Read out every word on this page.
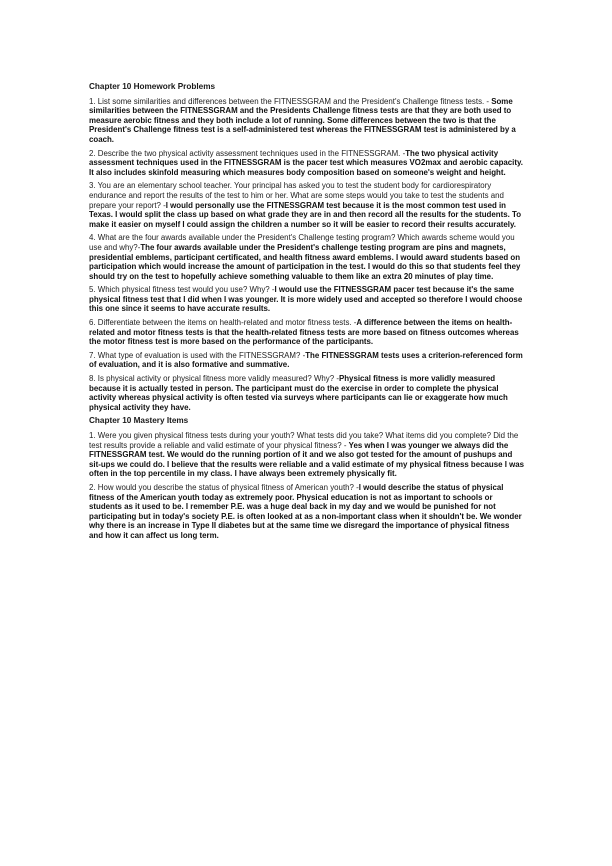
Chapter 10 Homework Problems
1. List some similarities and differences between the FITNESSGRAM and the President's Challenge fitness tests. - Some similarities between the FITNESSGRAM and the Presidents Challenge fitness tests are that they are both used to measure aerobic fitness and they both include a lot of running. Some differences between the two is that the President's Challenge fitness test is a self-administered test whereas the FITNESSGRAM test is administered by a coach.
2. Describe the two physical activity assessment techniques used in the FITNESSGRAM. -The two physical activity assessment techniques used in the FITNESSGRAM is the pacer test which measures VO2max and aerobic capacity. It also includes skinfold measuring which measures body composition based on someone's weight and height.
3. You are an elementary school teacher. Your principal has asked you to test the student body for cardiorespiratory endurance and report the results of the test to him or her. What are some steps would you take to test the students and prepare your report? -I would personally use the FITNESSGRAM test because it is the most common test used in Texas. I would split the class up based on what grade they are in and then record all the results for the students. To make it easier on myself I could assign the children a number so it will be easier to record their results accurately.
4. What are the four awards available under the President's Challenge testing program? Which awards scheme would you use and why?-The four awards available under the President's challenge testing program are pins and magnets, presidential emblems, participant certificated, and health fitness award emblems. I would award students based on participation which would increase the amount of participation in the test. I would do this so that students feel they should try on the test to hopefully achieve something valuable to them like an extra 20 minutes of play time.
5. Which physical fitness test would you use? Why? -I would use the FITNESSGRAM pacer test because it's the same physical fitness test that I did when I was younger. It is more widely used and accepted so therefore I would choose this one since it seems to have accurate results.
6. Differentiate between the items on health-related and motor fitness tests. -A difference between the items on health-related and motor fitness tests is that the health-related fitness tests are more based on fitness outcomes whereas the motor fitness test is more based on the performance of the participants.
7. What type of evaluation is used with the FITNESSGRAM? -The FITNESSGRAM tests uses a criterion-referenced form of evaluation, and it is also formative and summative.
8. Is physical activity or physical fitness more validly measured? Why? -Physical fitness is more validly measured because it is actually tested in person. The participant must do the exercise in order to complete the physical activity whereas physical activity is often tested via surveys where participants can lie or exaggerate how much physical activity they have.
Chapter 10 Mastery Items
1. Were you given physical fitness tests during your youth? What tests did you take? What items did you complete? Did the test results provide a reliable and valid estimate of your physical fitness? - Yes when I was younger we always did the FITNESSGRAM test. We would do the running portion of it and we also got tested for the amount of pushups and sit-ups we could do. I believe that the results were reliable and a valid estimate of my physical fitness because I was often in the top percentile in my class. I have always been extremely physically fit.
2. How would you describe the status of physical fitness of American youth? -I would describe the status of physical fitness of the American youth today as extremely poor. Physical education is not as important to schools or students as it used to be. I remember P.E. was a huge deal back in my day and we would be punished for not participating but in today's society P.E. is often looked at as a non-important class when it shouldn't be. We wonder why there is an increase in Type II diabetes but at the same time we disregard the importance of physical fitness and how it can affect us long term.
